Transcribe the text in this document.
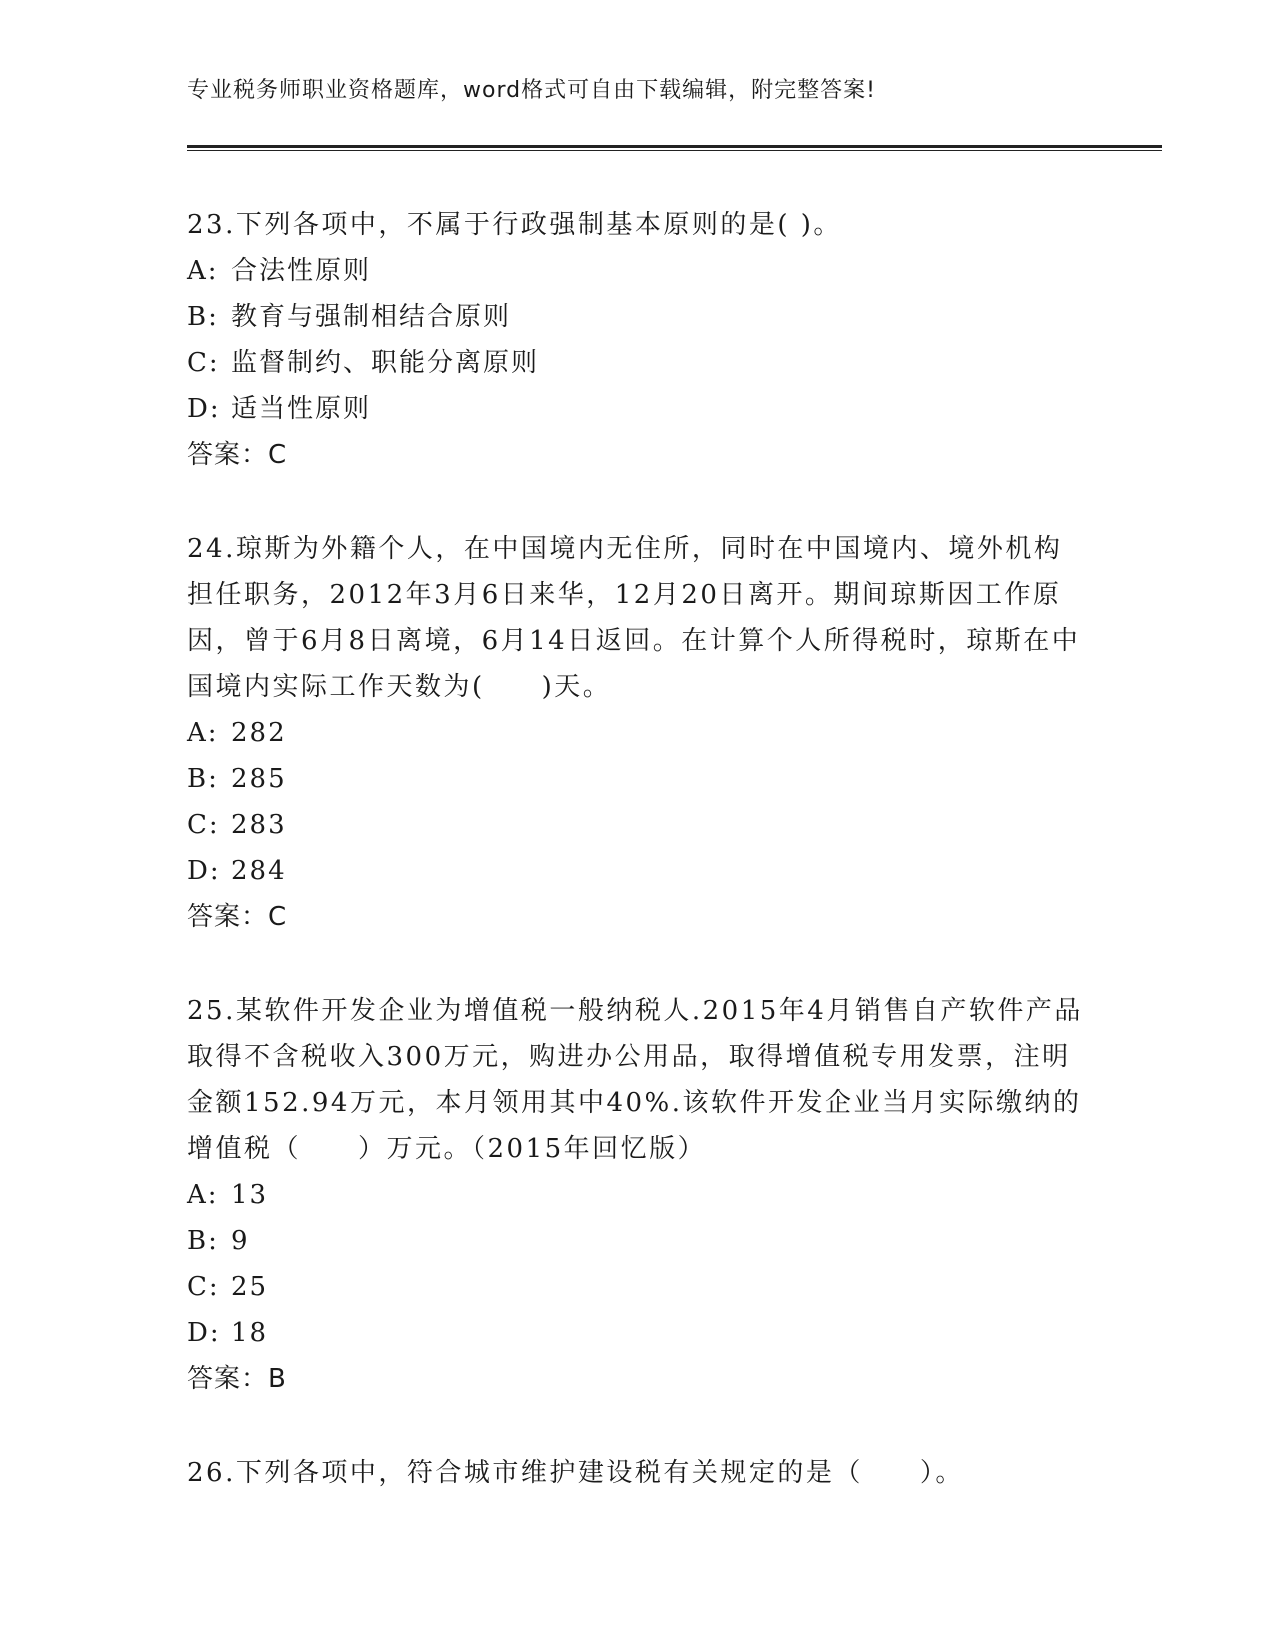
专业税务师职业资格题库，word格式可自由下载编辑，附完整答案!

23.下列各项中，不属于行政强制基本原则的是( )。

A: 合法性原则

B: 教育与强制相结合原则

C: 监督制约、职能分离原则

D: 适当性原则

答案：C

24.琼斯为外籍个人，在中国境内无住所，同时在中国境内、境外机构担任职务，2012年3月6日来华，12月20日离开。期间琼斯因工作原因，曾于6月8日离境，6月14日返回。在计算个人所得税时，琼斯在中国境内实际工作天数为(　　)天。

A: 282

B: 285

C: 283

D: 284

答案：C

25.某软件开发企业为增值税一般纳税人.2015年4月销售自产软件产品取得不含税收入300万元，购进办公用品，取得增值税专用发票，注明金额152.94万元，本月领用其中40%.该软件开发企业当月实际缴纳的增值税（　　）万元。（2015年回忆版）

A: 13

B: 9

C: 25

D: 18

答案：B

26.下列各项中，符合城市维护建设税有关规定的是（　　）。
